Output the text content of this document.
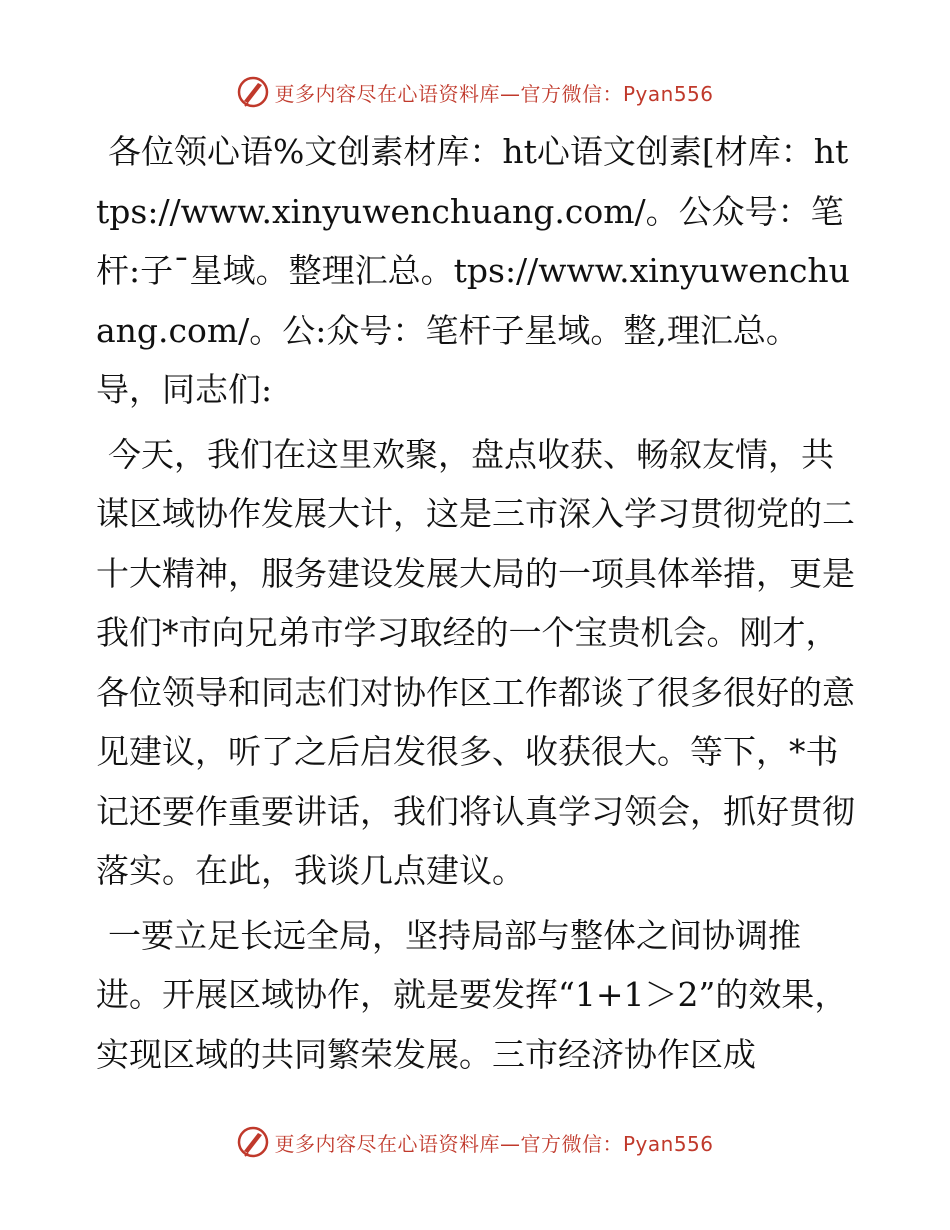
更多内容尽在心语资料库—官方微信：Pyan556

各位领心语%文创素材库：ht心语文创素[材库：https://www.xinyuwenchuang.com/。公众号：笔杆:子¯星域。整理汇总。tps://www.xinyuwenchuang.com/。公:众号：笔杆子星域。整,理汇总。导，同志们:

今天，我们在这里欢聚，盘点收获、畅叙友情，共谋区域协作发展大计，这是三市深入学习贯彻党的二十大精神，服务建设发展大局的一项具体举措，更是我们*市向兄弟市学习取经的一个宝贵机会。刚才，各位领导和同志们对协作区工作都谈了很多很好的意见建议，听了之后启发很多、收获很大。等下，*书记还要作重要讲话，我们将认真学习领会，抓好贯彻落实。在此，我谈几点建议。

一要立足长远全局，坚持局部与整体之间协调推进。开展区域协作，就是要发挥“1+1＞2”的效果，实现区域的共同繁荣发展。三市经济协作区成

更多内容尽在心语资料库—官方微信：Pyan556
